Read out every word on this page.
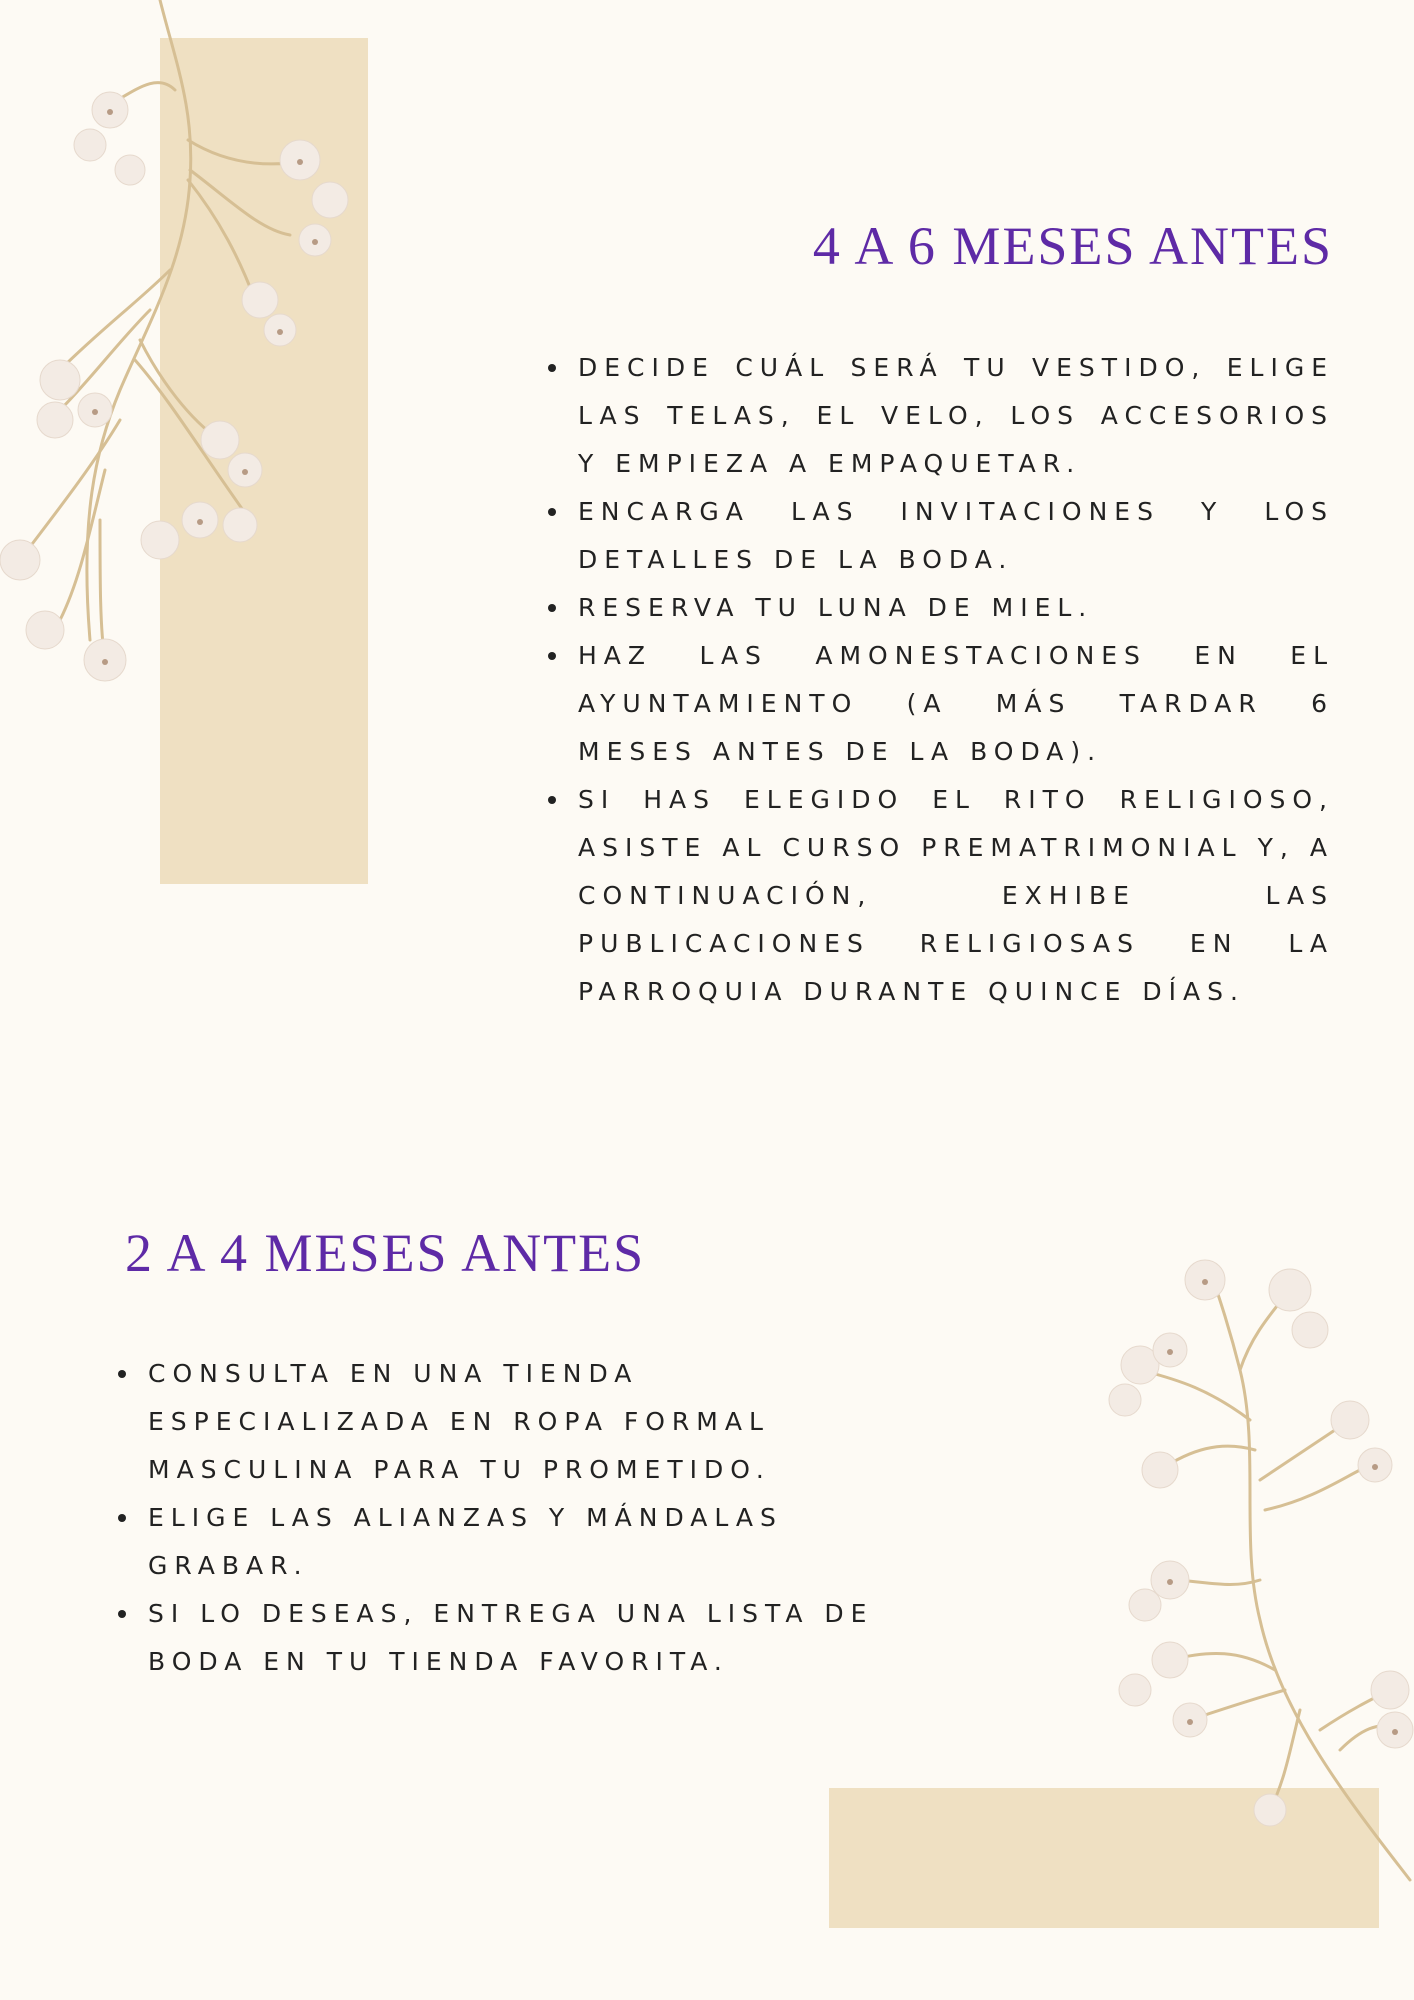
4 A 6 MESES ANTES
DECIDE CUÁL SERÁ TU VESTIDO, ELIGE LAS TELAS, EL VELO, LOS ACCESORIOS Y EMPIEZA A EMPAQUETAR.
ENCARGA LAS INVITACIONES Y LOS DETALLES DE LA BODA.
RESERVA TU LUNA DE MIEL.
HAZ LAS AMONESTACIONES EN EL AYUNTAMIENTO (A MÁS TARDAR 6 MESES ANTES DE LA BODA).
SI HAS ELEGIDO EL RITO RELIGIOSO, ASISTE AL CURSO PREMATRIMONIAL Y, A CONTINUACIÓN, EXHIBE LAS PUBLICACIONES RELIGIOSAS EN LA PARROQUIA DURANTE QUINCE DÍAS.
2 A 4 MESES ANTES
CONSULTA EN UNA TIENDA ESPECIALIZADA EN ROPA FORMAL MASCULINA PARA TU PROMETIDO.
ELIGE LAS ALIANZAS Y MÁNDALAS GRABAR.
SI LO DESEAS, ENTREGA UNA LISTA DE BODA EN TU TIENDA FAVORITA.
